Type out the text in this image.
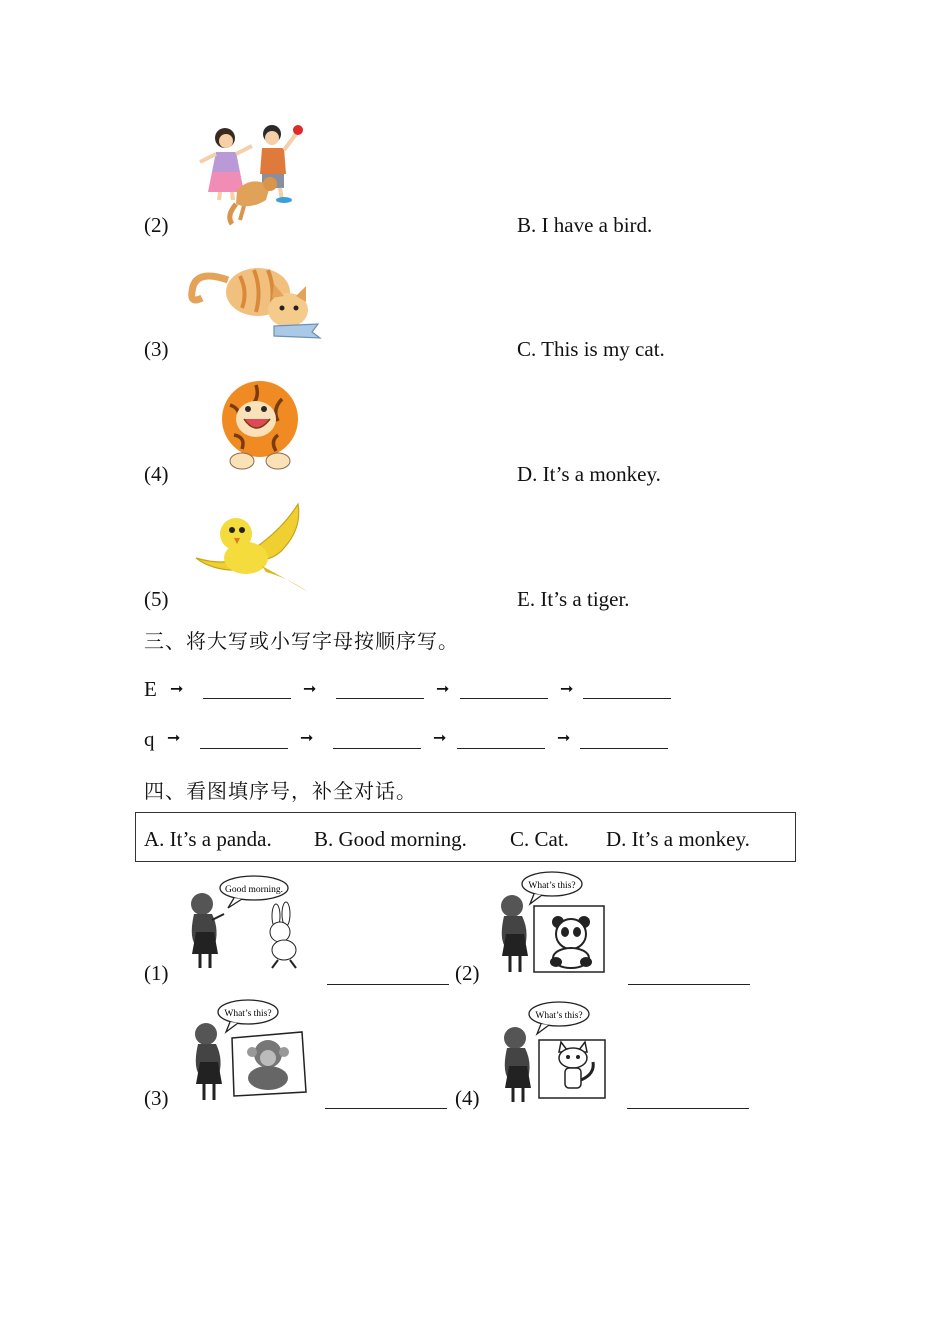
(2)	B. I have a bird.
(3)	C. This is my cat.
(4)	D. It’s a monkey.
(5)	E. It’s a tiger.
三、将大写或小写字母按顺序写。
E ➞	➞	➞	➞
q ➞	➞	➞	➞
四、看图填序号，补全对话。
A. It’s a panda. B. Good morning. C. Cat. D. It’s a monkey.
Good morning.
(1)
What’s this?
(2)
What’s this?
(3)
What’s this?
(4)
